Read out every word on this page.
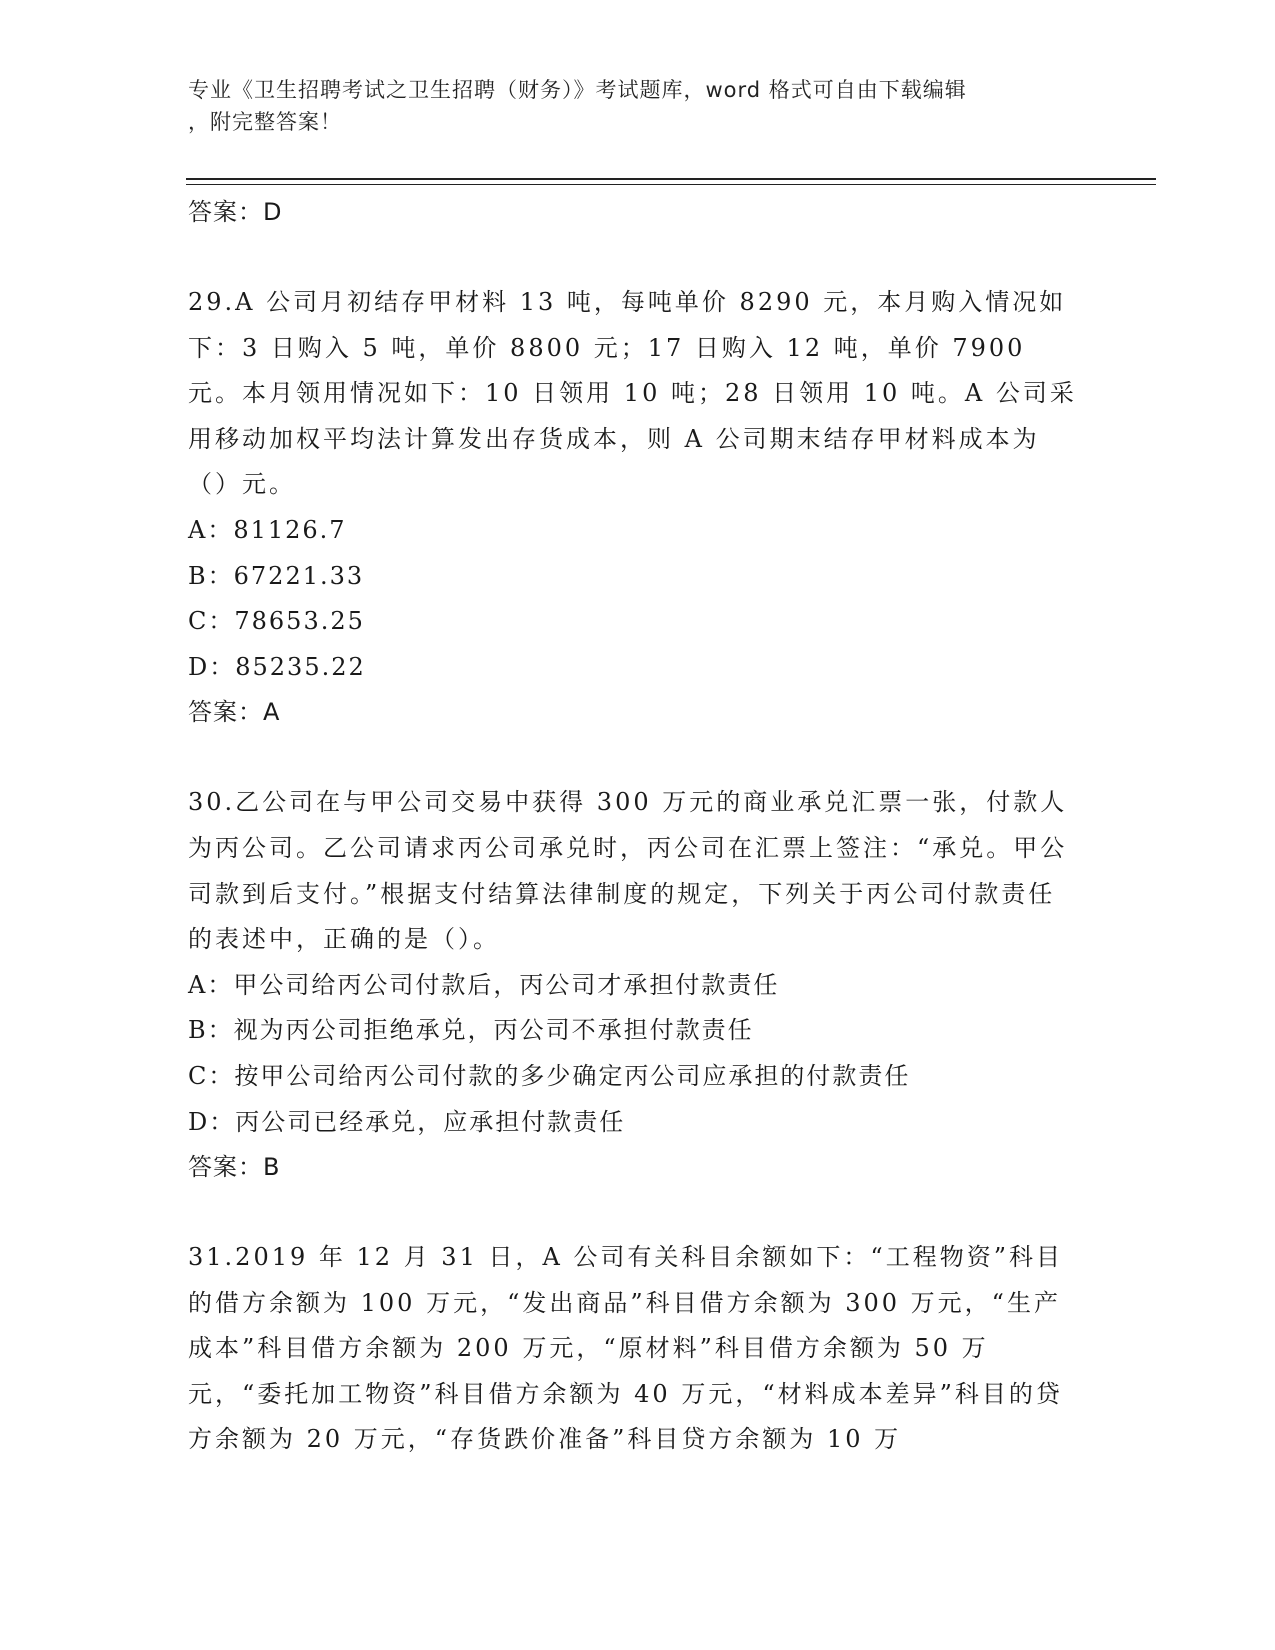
专业《卫生招聘考试之卫生招聘（财务）》考试题库，word 格式可自由下载编辑
，附完整答案！
答案：D

29.A 公司月初结存甲材料 13 吨，每吨单价 8290 元，本月购入情况如下：3 日购入 5 吨，单价 8800 元；17 日购入 12 吨，单价 7900 元。本月领用情况如下：10 日领用 10 吨；28 日领用 10 吨。A 公司采用移动加权平均法计算发出存货成本，则 A 公司期末结存甲材料成本为（）元。

A：81126.7
B：67221.33
C：78653.25
D：85235.22
答案：A

30.乙公司在与甲公司交易中获得 300 万元的商业承兑汇票一张，付款人为丙公司。乙公司请求丙公司承兑时，丙公司在汇票上签注：“承兑。甲公司款到后支付。”根据支付结算法律制度的规定，下列关于丙公司付款责任的表述中，正确的是（）。

A：甲公司给丙公司付款后，丙公司才承担付款责任
B：视为丙公司拒绝承兑，丙公司不承担付款责任
C：按甲公司给丙公司付款的多少确定丙公司应承担的付款责任
D：丙公司已经承兑，应承担付款责任
答案：B

31.2019 年 12 月 31 日，A 公司有关科目余额如下：“工程物资”科目的借方余额为 100 万元，“发出商品”科目借方余额为 300 万元，“生产成本”科目借方余额为 200 万元，“原材料”科目借方余额为 50 万元，“委托加工物资”科目借方余额为 40 万元，“材料成本差异”科目的贷方余额为 20 万元，“存货跌价准备”科目贷方余额为 10 万
